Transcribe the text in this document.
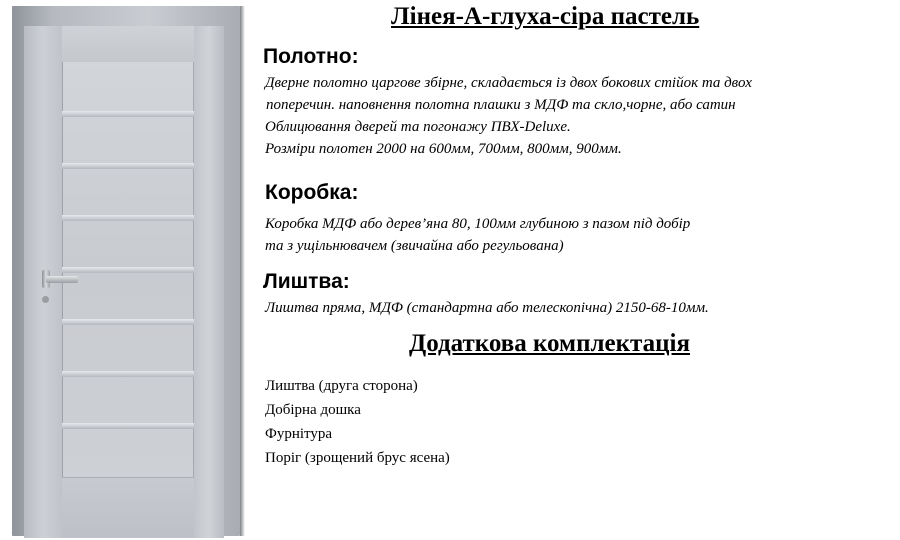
Лінея-А-глуха-сіра пастель
Полотно:
Дверне полотно царгове збірне, складається із двох бокових стійок та двох
поперечин. наповнення полотна плашки з МДФ та скло,чорне, або сатин
Облицювання дверей та погонажу ПВХ-Deluxe.
Розміри полотен 2000 на 600мм, 700мм, 800мм, 900мм.
Коробка:
Коробка МДФ або дерев’яна 80, 100мм глубиною з пазом під добір
та з ущільнювачем (звичайна або регульована)
Лиштва:
Лиштва пряма, МДФ (стандартна або телескопічна) 2150-68-10мм.
Додаткова комплектація
Лиштва (друга сторона)
Добірна дошка
Фурнітура
Поріг (зрощений брус ясена)
